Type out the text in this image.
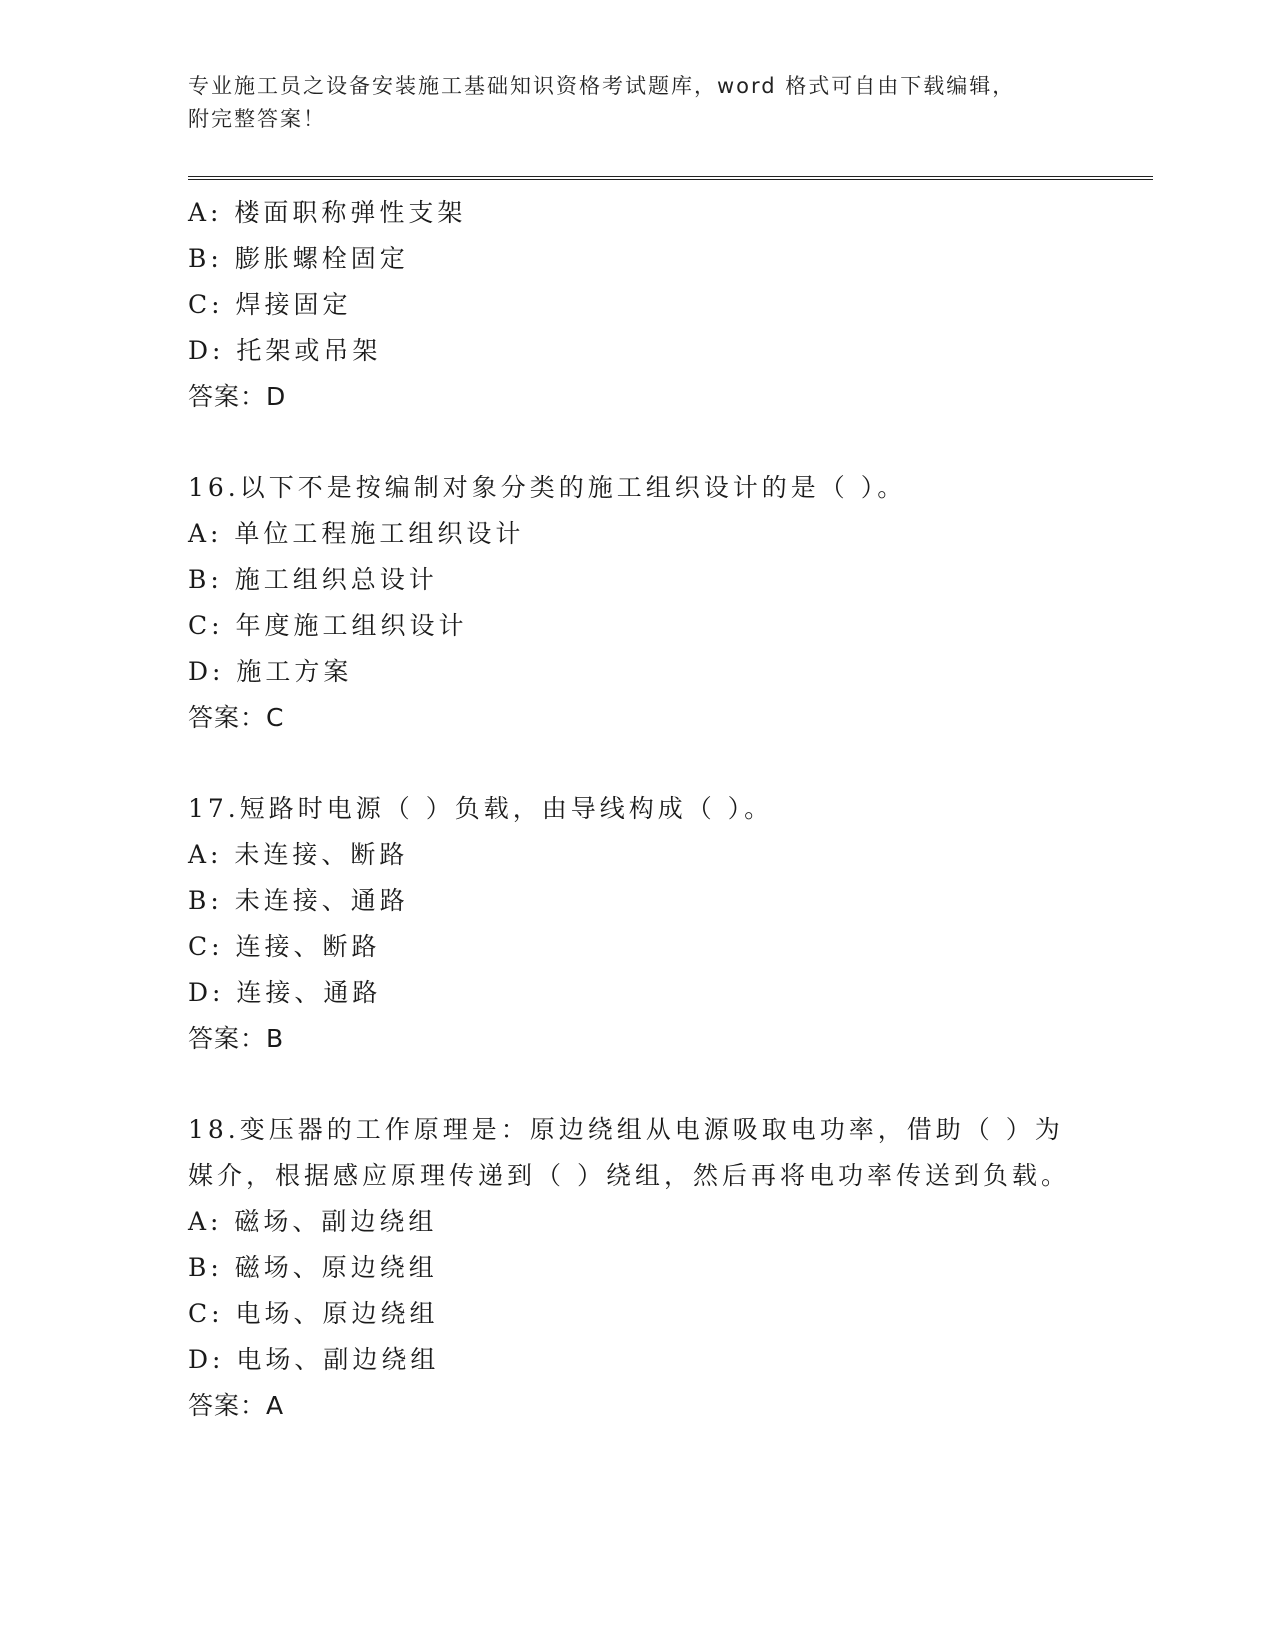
专业施工员之设备安装施工基础知识资格考试题库，word 格式可自由下载编辑，
附完整答案！
A: 楼面职称弹性支架
B: 膨胀螺栓固定
C: 焊接固定
D: 托架或吊架
答案：D
16.以下不是按编制对象分类的施工组织设计的是（ ）。
A: 单位工程施工组织设计
B: 施工组织总设计
C: 年度施工组织设计
D: 施工方案
答案：C
17.短路时电源（ ）负载，由导线构成（ ）。
A: 未连接、断路
B: 未连接、通路
C: 连接、断路
D: 连接、通路
答案：B
18.变压器的工作原理是：原边绕组从电源吸取电功率，借助（ ）为
媒介，根据感应原理传递到（ ）绕组，然后再将电功率传送到负载。
A: 磁场、副边绕组
B: 磁场、原边绕组
C: 电场、原边绕组
D: 电场、副边绕组
答案：A
